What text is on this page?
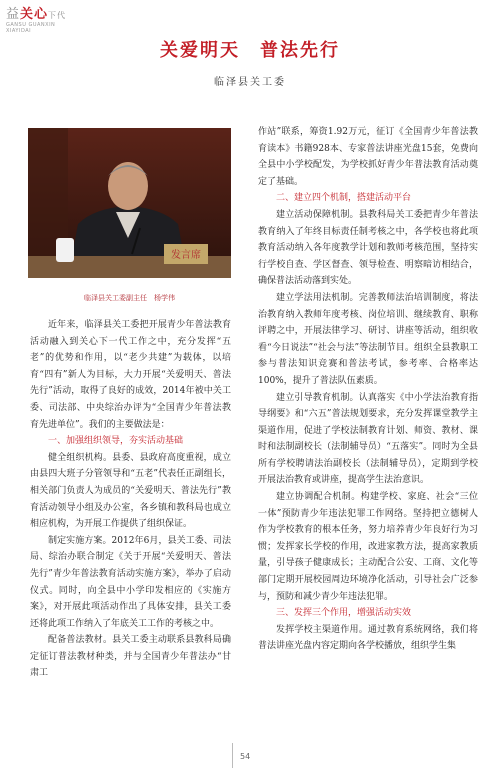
益关心下代
GANSU GUANXIN
XIAYIDAI
关爱明天　普法先行
临泽县关工委
发言席
临泽县关工委副主任　杨学伟

近年来，临泽县关工委把开展青少年普法教育活动融入到关心下一代工作之中，充分发挥“五老”的优势和作用，以“老少共建”为载体，以培育“四有”新人为目标，大力开展“关爱明天、普法先行”活动，取得了良好的成效，2014年被中关工委、司法部、中央综治办评为“全国青少年普法教育先进单位”。我们的主要做法是：

一、加强组织领导，夯实活动基础

健全组织机构。县委、县政府高度重视，成立由县四大班子分管领导和“五老”代表任正副组长，相关部门负责人为成员的“关爱明天、普法先行”教育活动领导小组及办公室，各乡镇和教科局也成立相应机构，为开展工作提供了组织保证。

制定实施方案。2012年6月，县关工委、司法局、综治办联合制定《关于开展“关爱明天、普法先行”青少年普法教育活动实施方案》，举办了启动仪式。同时，向全县中小学印发相应的《实施方案》，对开展此项活动作出了具体安排，县关工委还将此项工作纳入了年底关工工作的考核之中。

配备普法教材。县关工委主动联系县教科局确定征订普法教材种类，并与全国青少年普法办“甘肃工

作站”联系，筹资1.92万元，征订《全国青少年普法教育读本》书籍928本、专家普法讲座光盘15套，免费向全县中小学校配发，为学校抓好青少年普法教育活动奠定了基础。

二、建立四个机制，搭建活动平台

建立活动保障机制。县教科局关工委把青少年普法教育纳入了年终目标责任制考核之中，各学校也将此项教育活动纳入各年度教学计划和教师考核范围，坚持实行学校自查、学区督查、领导检查、明察暗访相结合，确保普法活动落到实处。

建立学法用法机制。完善教师法治培训制度，将法治教育纳入教师年度考核、岗位培训、继续教育、职称评聘之中，开展法律学习、研讨、讲座等活动，组织收看“今日说法”“社会与法”等法制节目。组织全县教职工参与普法知识竞赛和普法考试，参考率、合格率达100%，提升了普法队伍素质。

建立引导教育机制。认真落实《中小学法治教育指导纲要》和“六五”普法规划要求，充分发挥课堂教学主渠道作用，促进了学校法制教育计划、师资、教材、课时和法制副校长（法制辅导员）“五落实”。同时为全县所有学校聘请法治副校长（法制辅导员），定期到学校开展法治教育或讲座，提高学生法治意识。

建立协调配合机制。构建学校、家庭、社会“三位一体”预防青少年违法犯罪工作网络。坚持把立德树人作为学校教育的根本任务，努力培养青少年良好行为习惯；发挥家长学校的作用，改进家教方法，提高家教质量，引导孩子健康成长；主动配合公安、工商、文化等部门定期开展校园周边环境净化活动，引导社会广泛参与，预防和减少青少年违法犯罪。

三、发挥三个作用，增强活动实效

发挥学校主渠道作用。通过教育系统网络，我们将普法讲座光盘内容定期向各学校播放，组织学生集

54
